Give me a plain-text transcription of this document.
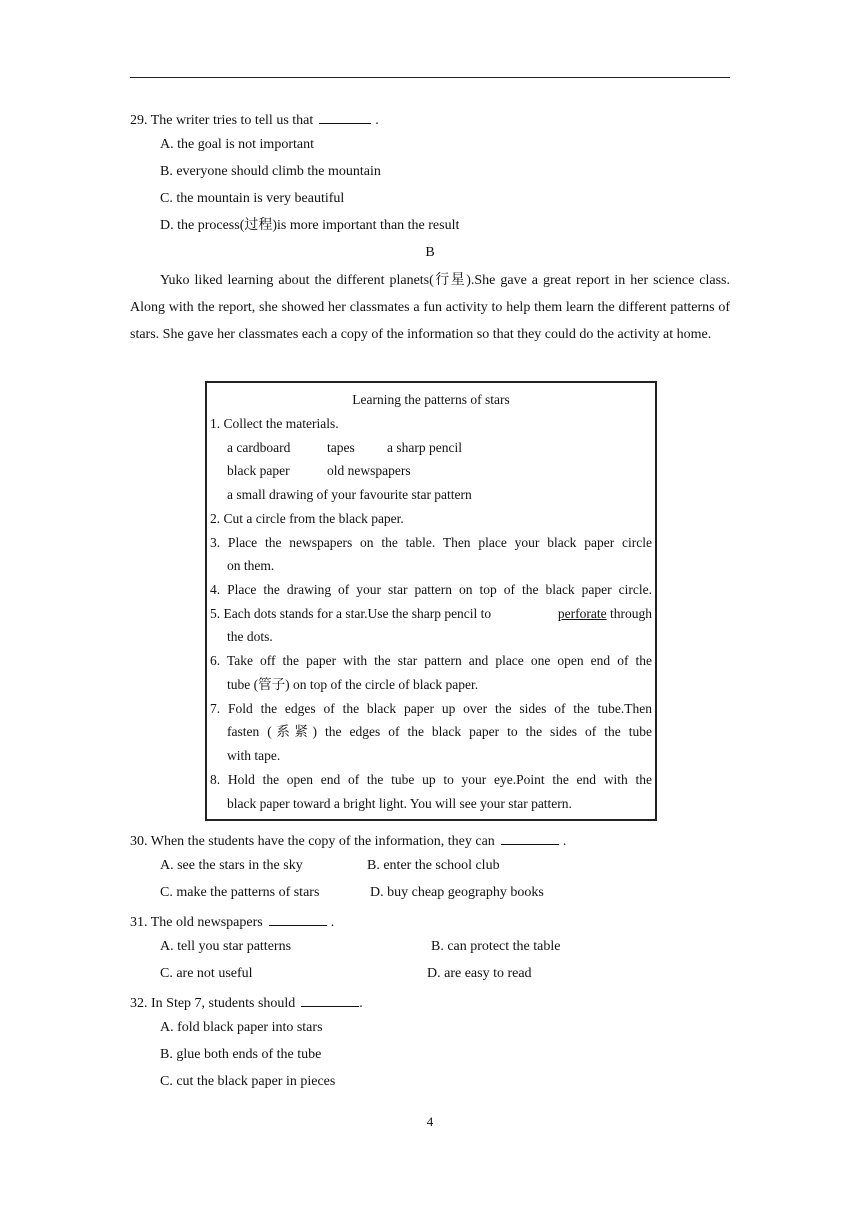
29. The writer tries to tell us that	.
A. the goal is not important
B. everyone should climb the mountain
C. the mountain is very beautiful
D. the process(过程)is more important than the result
B
Yuko liked learning about the different planets(行星).She gave a great report in her science class. Along with the report, she showed her classmates a fun activity to help them learn the different patterns of stars. She gave her classmates each a copy of the information so that they could do the activity at home.
Learning the patterns of stars
1. Collect the materials.
a cardboard	tapes a sharp pencil
black paper	old newspapers
a small drawing of your favourite star pattern
2. Cut a circle from the black paper.
3. Place the newspapers on the table. Then place your black paper circle
on them.
4. Place the drawing of your star pattern on top of the black paper circle.
5. Each dots stands for a star.Use the sharp pencil to	perforate through
the dots.
6. Take off the paper with the star pattern and place one open end of the
tube (管子) on top of the circle of black paper.
7. Fold the edges of the black paper up over the sides of the tube.Then
fasten (系紧) the edges of the black paper to the sides of the tube
with tape.
8. Hold the open end of the tube up to your eye.Point the end with the
black paper toward a bright light. You will see your star pattern.
30. When the students have the copy of the information, they can	.
A. see the stars in the sky	B. enter the school club
C. make the patterns of stars	D. buy cheap geography books
31. The old newspapers	.
A. tell you star patterns	B. can protect the table
C. are not useful	D. are easy to read
32. In Step 7, students should	.
A. fold black paper into stars
B. glue both ends of the tube
C. cut the black paper in pieces
4
